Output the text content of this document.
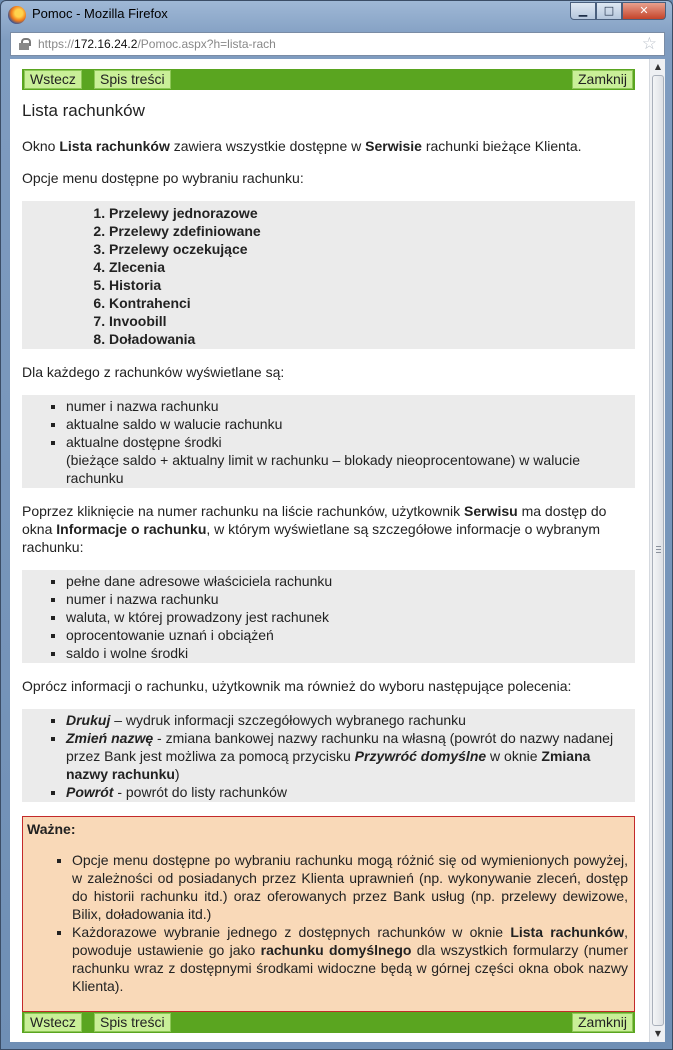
Pomoc - Mozilla Firefox	▁	□	✕
https://172.16.24.2/Pomoc.aspx?h=lista-rach	☆
Wstecz	Spis treści	Zamknij
Lista rachunków

Okno Lista rachunków zawiera wszystkie dostępne w Serwisie rachunki bieżące Klienta.

Opcje menu dostępne po wybraniu rachunku:

1. Przelewy jednorazowe
2. Przelewy zdefiniowane
3. Przelewy oczekujące
4. Zlecenia
5. Historia
6. Kontrahenci
7. Invoobill
8. Doładowania

Dla każdego z rachunków wyświetlane są:

▪ numer i nazwa rachunku
▪ aktualne saldo w walucie rachunku
▪ aktualne dostępne środki
(bieżące saldo + aktualny limit w rachunku – blokady nieoprocentowane) w walucie rachunku

Poprzez kliknięcie na numer rachunku na liście rachunków, użytkownik Serwisu ma dostęp do okna Informacje o rachunku, w którym wyświetlane są szczegółowe informacje o wybranym rachunku:

▪ pełne dane adresowe właściciela rachunku
▪ numer i nazwa rachunku
▪ waluta, w której prowadzony jest rachunek
▪ oprocentowanie uznań i obciążeń
▪ saldo i wolne środki

Oprócz informacji o rachunku, użytkownik ma również do wyboru następujące polecenia:

▪ Drukuj – wydruk informacji szczegółowych wybranego rachunku
▪ Zmień nazwę - zmiana bankowej nazwy rachunku na własną (powrót do nazwy nadanej przez Bank jest możliwa za pomocą przycisku Przywróć domyślne w oknie Zmiana nazwy rachunku)
▪ Powrót - powrót do listy rachunków
Ważne:
▪ Opcje menu dostępne po wybraniu rachunku mogą różnić się od wymienionych powyżej, w zależności od posiadanych przez Klienta uprawnień (np. wykonywanie zleceń, dostęp do historii rachunku itd.) oraz oferowanych przez Bank usług (np. przelewy dewizowe, Bilix, doładowania itd.)
▪ Każdorazowe wybranie jednego z dostępnych rachunków w oknie Lista rachunków, powoduje ustawienie go jako rachunku domyślnego dla wszystkich formularzy (numer rachunku wraz z dostępnymi środkami widoczne będą w górnej części okna obok nazwy Klienta).
Wstecz	Spis treści	Zamknij
▲
▼
